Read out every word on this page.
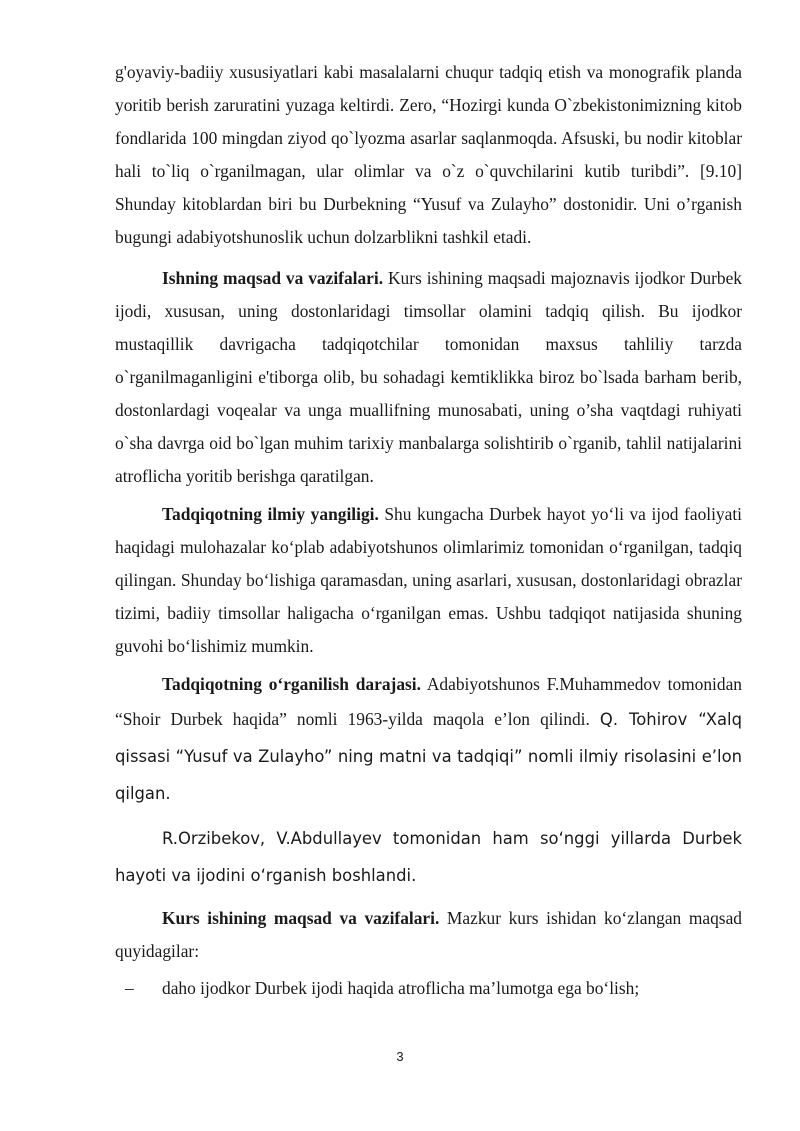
g'oyaviy-badiiy xususiyatlari kabi masalalarni chuqur tadqiq etish va monografik planda yoritib berish zaruratini yuzaga keltirdi. Zero, “Hozirgi kunda O`zbekistonimizning kitob fondlarida 100 mingdan ziyod qo`lyozma asarlar saqlanmoqda. Afsuski, bu nodir kitoblar hali to`liq o`rganilmagan, ular olimlar va o`z o`quvchilarini kutib turibdi”. [9.10] Shunday kitoblardan biri bu Durbekning “Yusuf va Zulayho” dostonidir. Uni o’rganish bugungi adabiyotshunoslik uchun dolzarblikni tashkil etadi.

Ishning maqsad va vazifalari. Kurs ishining maqsadi majoznavis ijodkor Durbek ijodi, xususan, uning dostonlaridagi timsollar olamini tadqiq qilish. Bu ijodkor mustaqillik davrigacha tadqiqotchilar tomonidan maxsus tahliliy tarzda o`rganilmaganligini e'tiborga olib, bu sohadagi kemtiklikka biroz bo`lsada barham berib, dostonlardagi voqealar va unga muallifning munosabati, uning o’sha vaqtdagi ruhiyati o`sha davrga oid bo`lgan muhim tarixiy manbalarga solishtirib o`rganib, tahlil natijalarini atroflicha yoritib berishga qaratilgan.

Tadqiqotning ilmiy yangiligi. Shu kungacha Durbek hayot yo‘li va ijod faoliyati haqidagi mulohazalar ko‘plab adabiyotshunos olimlarimiz tomonidan o‘rganilgan, tadqiq qilingan. Shunday bo‘lishiga qaramasdan, uning asarlari, xususan, dostonlaridagi obrazlar tizimi, badiiy timsollar haligacha o‘rganilgan emas. Ushbu tadqiqot natijasida shuning guvohi bo‘lishimiz mumkin.

Tadqiqotning o‘rganilish darajasi. Adabiyotshunos F.Muhammedov tomonidan “Shoir Durbek haqida” nomli 1963-yilda maqola e’lon qilindi. Q. Tohirov “Xalq qissasi “Yusuf va Zulayho” ning matni va tadqiqi” nomli ilmiy risolasini e’lon qilgan.

R.Orzibekov, V.Abdullayev tomonidan ham so‘nggi yillarda Durbek hayoti va ijodini o‘rganish boshlandi.

Kurs ishining maqsad va vazifalari. Mazkur kurs ishidan ko‘zlangan maqsad quyidagilar:

– daho ijodkor Durbek ijodi haqida atroflicha ma’lumotga ega bo‘lish;
3
